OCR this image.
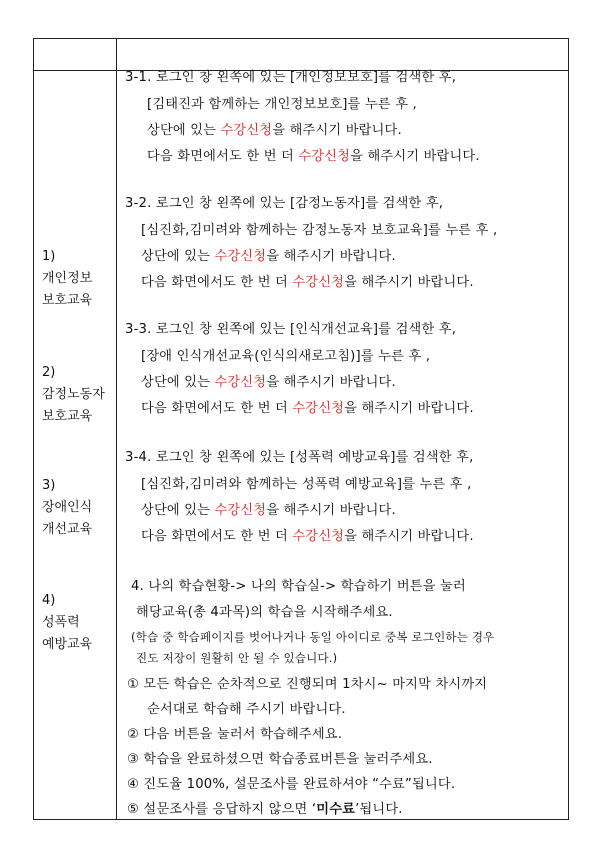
1)
개인정보
보호교육
2)
감정노동자
보호교육
3)
장애인식
개선교육
4)
성폭력
예방교육
3-1. 로그인 창 왼쪽에 있는 [개인정보보호]를 검색한 후,
[김태진과 함께하는 개인정보보호]를 누른 후 ,
상단에 있는 수강신청을 해주시기 바랍니다.
다음 화면에서도 한 번 더 수강신청을 해주시기 바랍니다.
3-2. 로그인 창 왼쪽에 있는 [감정노동자]를 검색한 후,
[심진화,김미려와 함께하는 감정노동자 보호교육]를 누른 후 ,
상단에 있는 수강신청을 해주시기 바랍니다.
다음 화면에서도 한 번 더 수강신청을 해주시기 바랍니다.
3-3. 로그인 창 왼쪽에 있는 [인식개선교육]를 검색한 후,
[장애 인식개선교육(인식의새로고침)]를 누른 후 ,
상단에 있는 수강신청을 해주시기 바랍니다.
다음 화면에서도 한 번 더 수강신청을 해주시기 바랍니다.
3-4. 로그인 창 왼쪽에 있는 [성폭력 예방교육]를 검색한 후,
[심진화,김미려와 함께하는 성폭력 예방교육]를 누른 후 ,
상단에 있는 수강신청을 해주시기 바랍니다.
다음 화면에서도 한 번 더 수강신청을 해주시기 바랍니다.
4. 나의 학습현황-> 나의 학습실-> 학습하기 버튼을 눌러
해당교육(총 4과목)의 학습을 시작해주세요.
(학습 중 학습페이지를 벗어나거나 동일 아이디로 중복 로그인하는 경우
진도 저장이 원활히 안 될 수 있습니다.)
① 모든 학습은 순차적으로 진행되며 1차시~ 마지막 차시까지
순서대로 학습해 주시기 바랍니다.
② 다음 버튼을 눌러서 학습해주세요.
③ 학습을 완료하셨으면 학습종료버튼을 눌러주세요.
④ 진도율 100%, 설문조사를 완료하셔야 “수료”됩니다.
⑤ 설문조사를 응답하지 않으면 ‘미수료’됩니다.
